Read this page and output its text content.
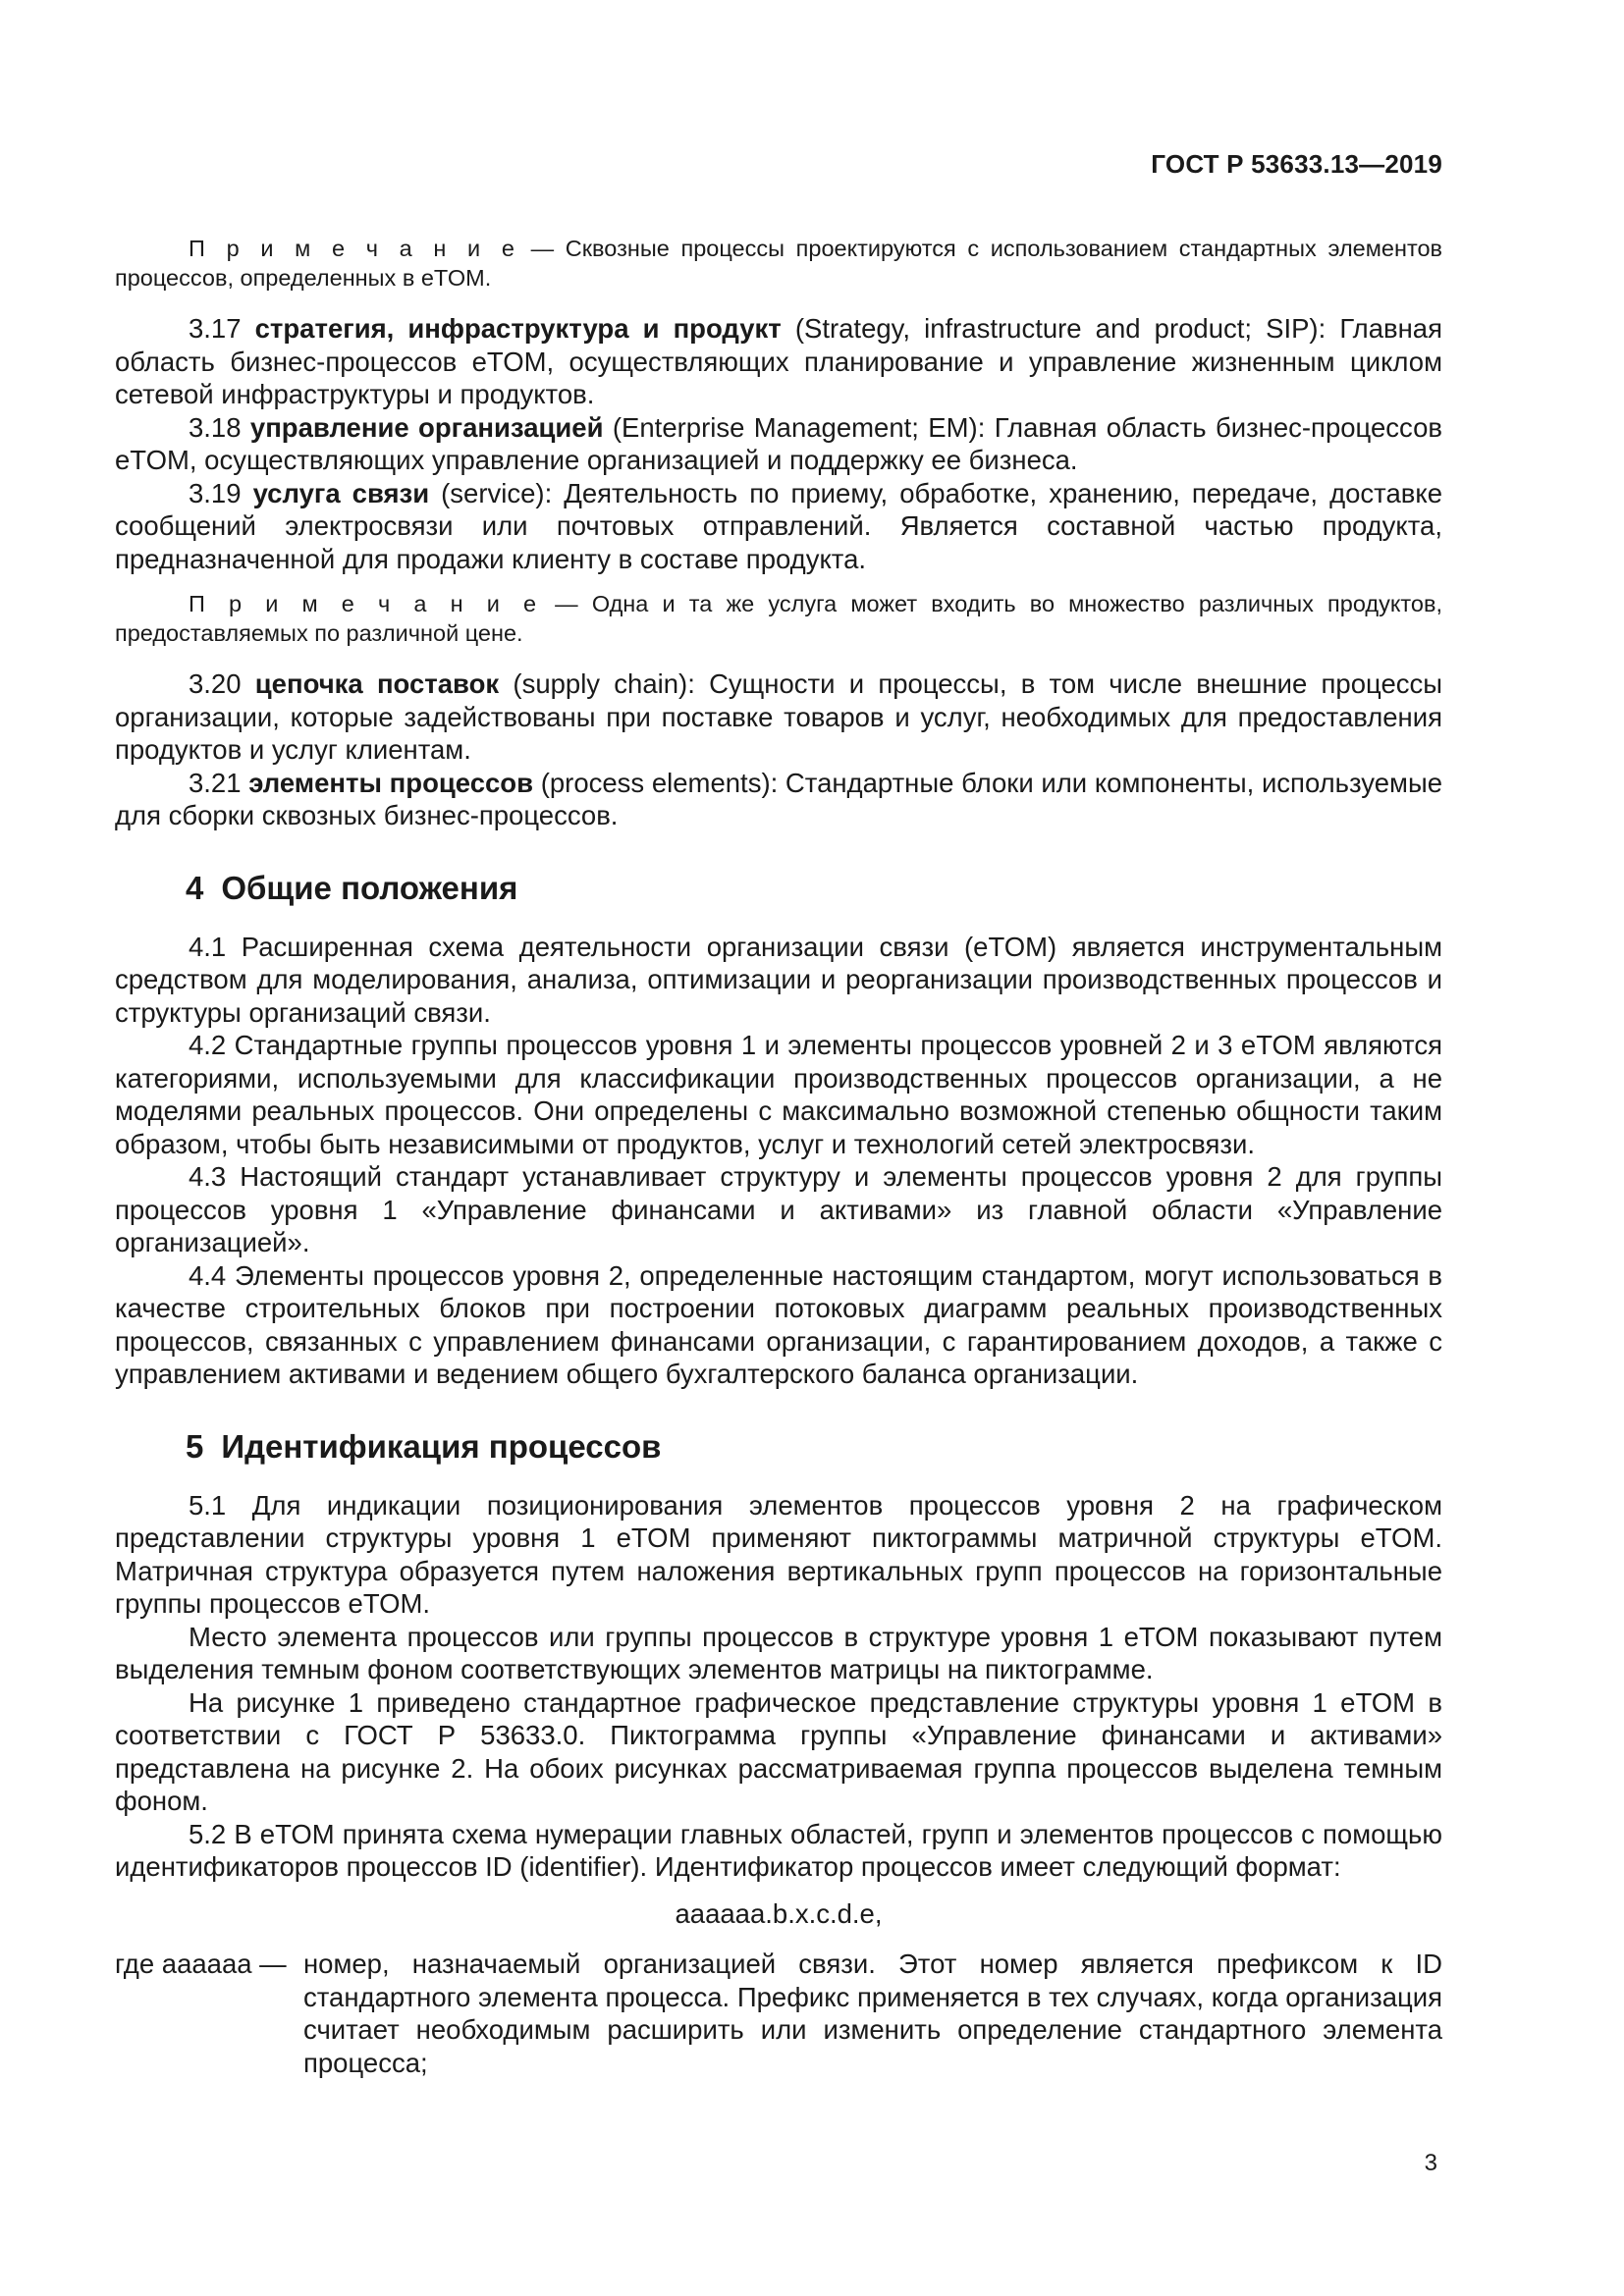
ГОСТ Р 53633.13—2019

П р и м е ч а н и е — Сквозные процессы проектируются с использованием стандартных элементов процессов, определенных в eTOM.

3.17 стратегия, инфраструктура и продукт (Strategy, infrastructure and product; SIP): Главная область бизнес-процессов eTOM, осуществляющих планирование и управление жизненным циклом сетевой инфраструктуры и продуктов.

3.18 управление организацией (Enterprise Management; EM): Главная область бизнес-процессов eTOM, осуществляющих управление организацией и поддержку ее бизнеса.

3.19 услуга связи (service): Деятельность по приему, обработке, хранению, передаче, доставке сообщений электросвязи или почтовых отправлений. Является составной частью продукта, предназначенной для продажи клиенту в составе продукта.

П р и м е ч а н и е — Одна и та же услуга может входить во множество различных продуктов, предоставляемых по различной цене.

3.20 цепочка поставок (supply chain): Сущности и процессы, в том числе внешние процессы организации, которые задействованы при поставке товаров и услуг, необходимых для предоставления продуктов и услуг клиентам.

3.21 элементы процессов (process elements): Стандартные блоки или компоненты, используемые для сборки сквозных бизнес-процессов.

4 Общие положения

4.1 Расширенная схема деятельности организации связи (eTOM) является инструментальным средством для моделирования, анализа, оптимизации и реорганизации производственных процессов и структуры организаций связи.

4.2 Стандартные группы процессов уровня 1 и элементы процессов уровней 2 и 3 eTOM являются категориями, используемыми для классификации производственных процессов организации, а не моделями реальных процессов. Они определены с максимально возможной степенью общности таким образом, чтобы быть независимыми от продуктов, услуг и технологий сетей электросвязи.

4.3 Настоящий стандарт устанавливает структуру и элементы процессов уровня 2 для группы процессов уровня 1 «Управление финансами и активами» из главной области «Управление организацией».

4.4 Элементы процессов уровня 2, определенные настоящим стандартом, могут использоваться в качестве строительных блоков при построении потоковых диаграмм реальных производственных процессов, связанных с управлением финансами организации, с гарантированием доходов, а также с управлением активами и ведением общего бухгалтерского баланса организации.

5 Идентификация процессов

5.1 Для индикации позиционирования элементов процессов уровня 2 на графическом представлении структуры уровня 1 eTOM применяют пиктограммы матричной структуры eTOM. Матричная структура образуется путем наложения вертикальных групп процессов на горизонтальные группы процессов eTOM.

Место элемента процессов или группы процессов в структуре уровня 1 eTOM показывают путем выделения темным фоном соответствующих элементов матрицы на пиктограмме.

На рисунке 1 приведено стандартное графическое представление структуры уровня 1 eTOM в соответствии с ГОСТ Р 53633.0. Пиктограмма группы «Управление финансами и активами» представлена на рисунке 2. На обоих рисунках рассматриваемая группа процессов выделена темным фоном.

5.2 В eTOM принята схема нумерации главных областей, групп и элементов процессов с помощью идентификаторов процессов ID (identifier). Идентификатор процессов имеет следующий формат:

aaaaaa.b.x.c.d.e,
где aaaaaa — номер, назначаемый организацией связи. Этот номер является префиксом к ID стандартного элемента процесса. Префикс применяется в тех случаях, когда организация считает необходимым расширить или изменить определение стандартного элемента процесса;
3
